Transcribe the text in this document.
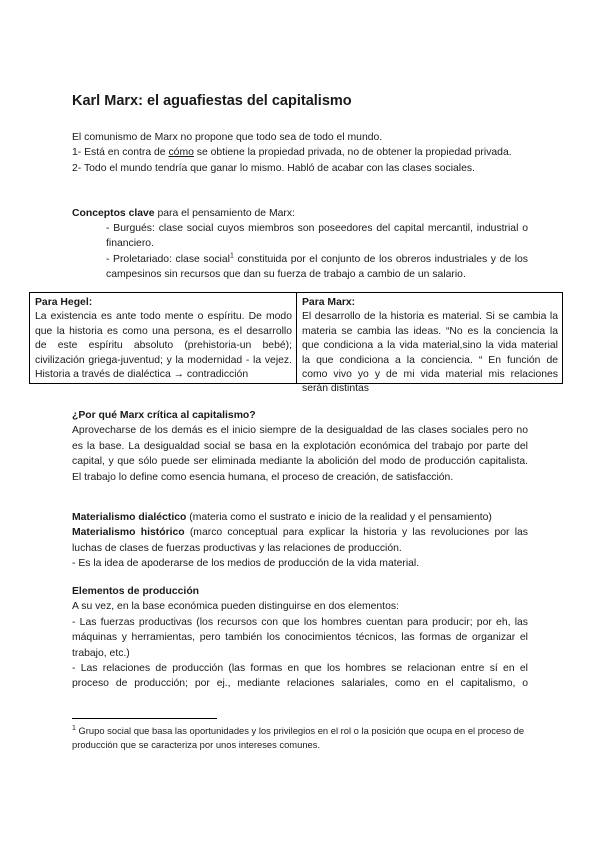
Karl Marx: el aguafiestas del capitalismo
El comunismo de Marx no propone que todo sea de todo el mundo.
1- Está en contra de cómo se obtiene la propiedad privada, no de obtener la propiedad privada.
2- Todo el mundo tendría que ganar lo mismo. Habló de acabar con las clases sociales.
Conceptos clave para el pensamiento de Marx:
- Burgués: clase social cuyos miembros son poseedores del capital mercantil, industrial o financiero.
- Proletariado: clase social$^1$ constituida por el conjunto de los obreros industriales y de los campesinos sin recursos que dan su fuerza de trabajo a cambio de un salario.
Para Hegel:
La existencia es ante todo mente o espíritu. De modo que la historia es como una persona, es el desarrollo de este espíritu absoluto (prehistoria-un bebé); civilización griega-juventud; y la modernidad - la vejez.
Historia a través de dialéctica → contradicción
Para Marx:
El desarrollo de la historia es material. Si se cambia la materia se cambia las ideas. “No es la conciencia la que condiciona a la vida material,sino la vida material la que condiciona a la conciencia. “ En función de como vivo yo y de mi vida material mis relaciones serán distintas
¿Por qué Marx crítica al capitalismo?
Aprovecharse de los demás es el inicio siempre de la desigualdad de las clases sociales pero no es la base. La desigualdad social se basa en la explotación económica del trabajo por parte del capital, y que sólo puede ser eliminada mediante la abolición del modo de producción capitalista. El trabajo lo define como esencia humana, el proceso de creación, de satisfacción.
Materialismo dialéctico (materia como el sustrato e inicio de la realidad y el pensamiento)
Materialismo histórico (marco conceptual para explicar la historia y las revoluciones por las luchas de clases de fuerzas productivas y las relaciones de producción.
- Es la idea de apoderarse de los medios de producción de la vida material.
Elementos de producción
A su vez, en la base económica pueden distinguirse en dos elementos:
- Las fuerzas productivas (los recursos con que los hombres cuentan para producir; por eh, las máquinas y herramientas, pero también los conocimientos técnicos, las formas de organizar el trabajo, etc.)
- Las relaciones de producción (las formas en que los hombres se relacionan entre sí en el proceso de producción; por ej., mediante relaciones salariales, como en el capitalismo, o
$^1$ Grupo social que basa las oportunidades y los privilegios en el rol o la posición que ocupa en el proceso de producción que se caracteriza por unos intereses comunes.
